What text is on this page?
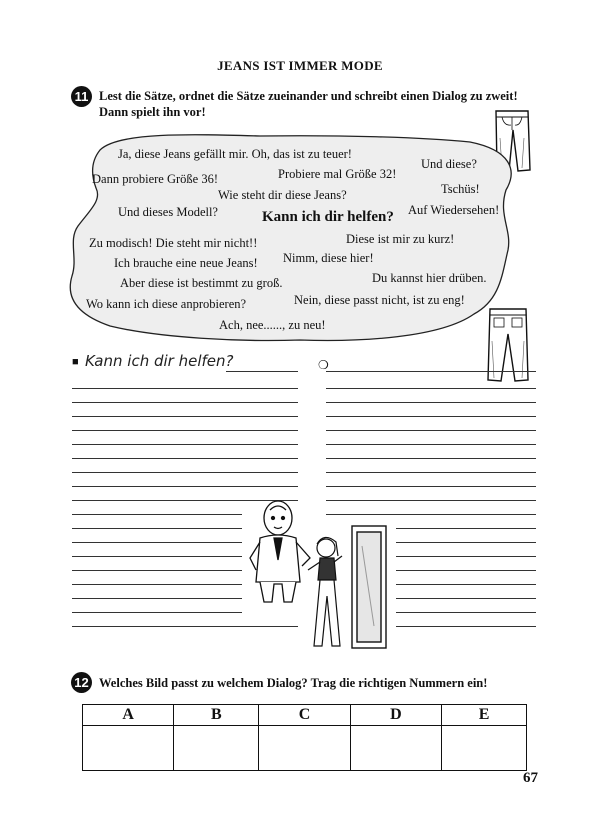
JEANS IST IMMER MODE
11 Lest die Sätze, ordnet die Sätze zueinander und schreibt einen Dialog zu zweit!
Dann spielt ihn vor!
Ja, diese Jeans gefällt mir. Oh, das ist zu teuer!
Und diese?
Dann probiere Größe 36!	Probiere mal Größe 32!
Wie steht dir diese Jeans?	Tschüs!
Und dieses Modell?	Kann ich dir helfen? Auf Wiedersehen!
Diese ist mir zu kurz!
Zu modisch! Die steht mir nicht!!
Ich brauche eine neue Jeans! Nimm, diese hier!
Du kannst hier drüben.
Aber diese ist bestimmt zu groß.
Wo kann ich diese anprobieren?	Nein, diese passt nicht, ist zu eng!
Ach, nee......, zu neu!
■ Kann ich dir helfen?	❍
12 Welches Bild passt zu welchem Dialog? Trag die richtigen Nummern ein!
A	B	C	D	E

67
